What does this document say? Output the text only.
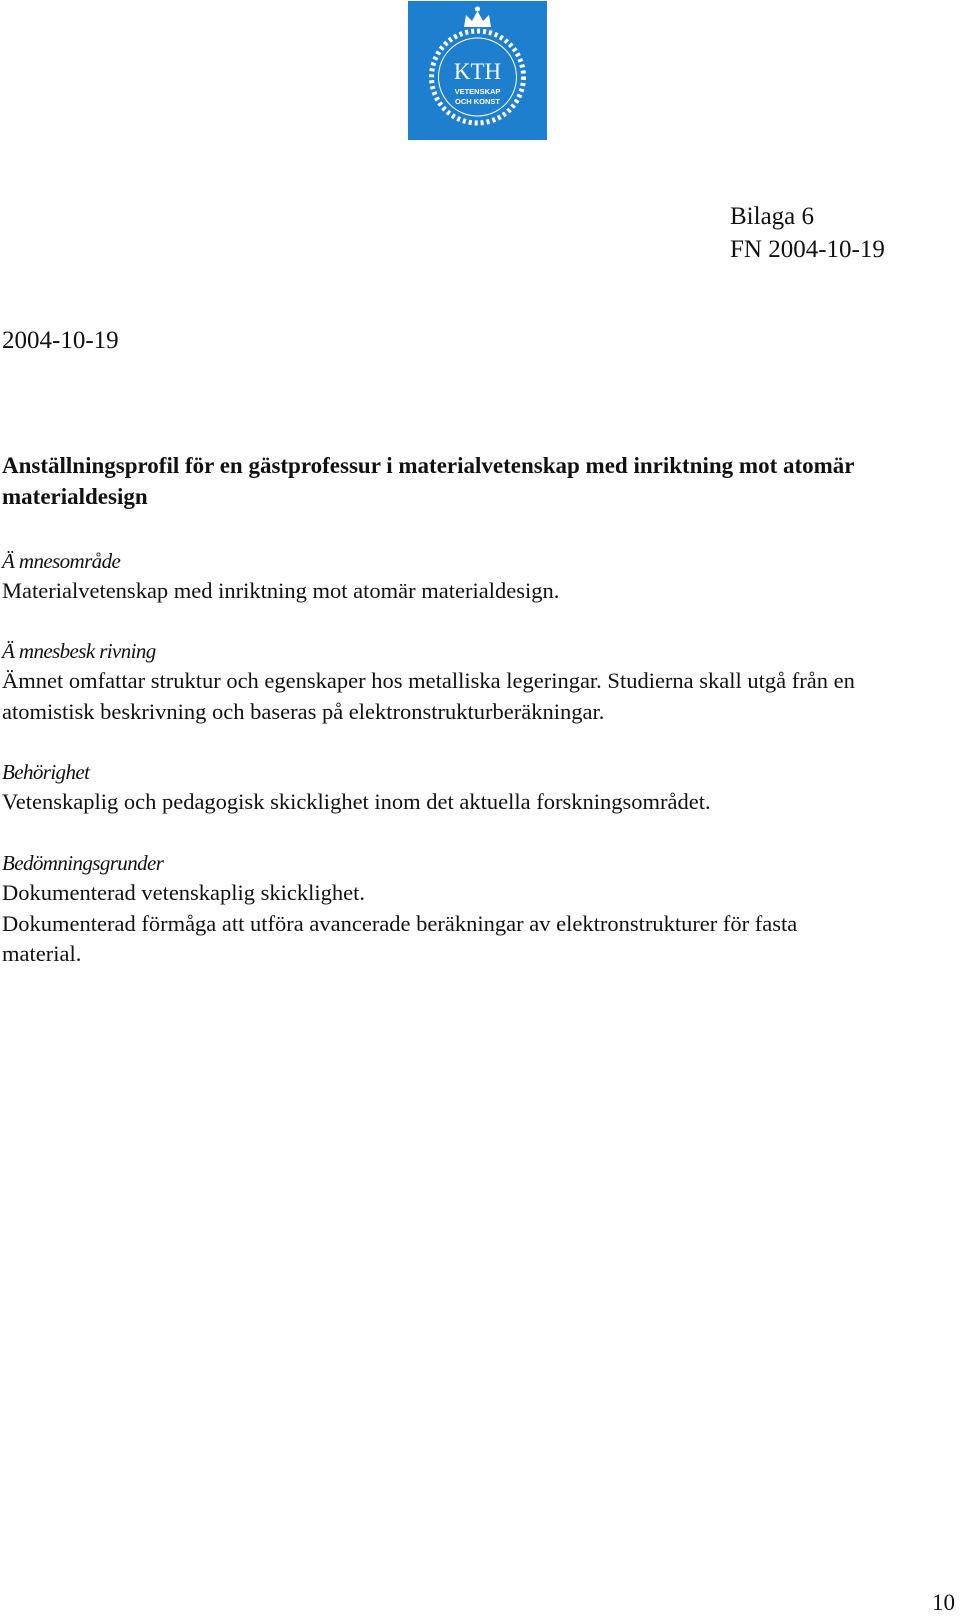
KTH
VETENSKAP
OCH KONST
Bilaga 6
FN 2004-10-19
2004-10-19
Anställningsprofil för en gästprofessur i materialvetenskap med inriktning mot atomär materialdesign
Ä mnesområde
Materialvetenskap med inriktning mot atomär materialdesign.
Ä mnesbesk rivning
Ämnet omfattar struktur och egenskaper hos metalliska legeringar. Studierna skall utgå från en atomistisk beskrivning och baseras på elektronstrukturberäkningar.
Behörighet
Vetenskaplig och pedagogisk skicklighet inom det aktuella forskningsområdet.
Bedömningsgrunder
Dokumenterad vetenskaplig skicklighet.
Dokumenterad förmåga att utföra avancerade beräkningar av elektronstrukturer för fasta material.
10
